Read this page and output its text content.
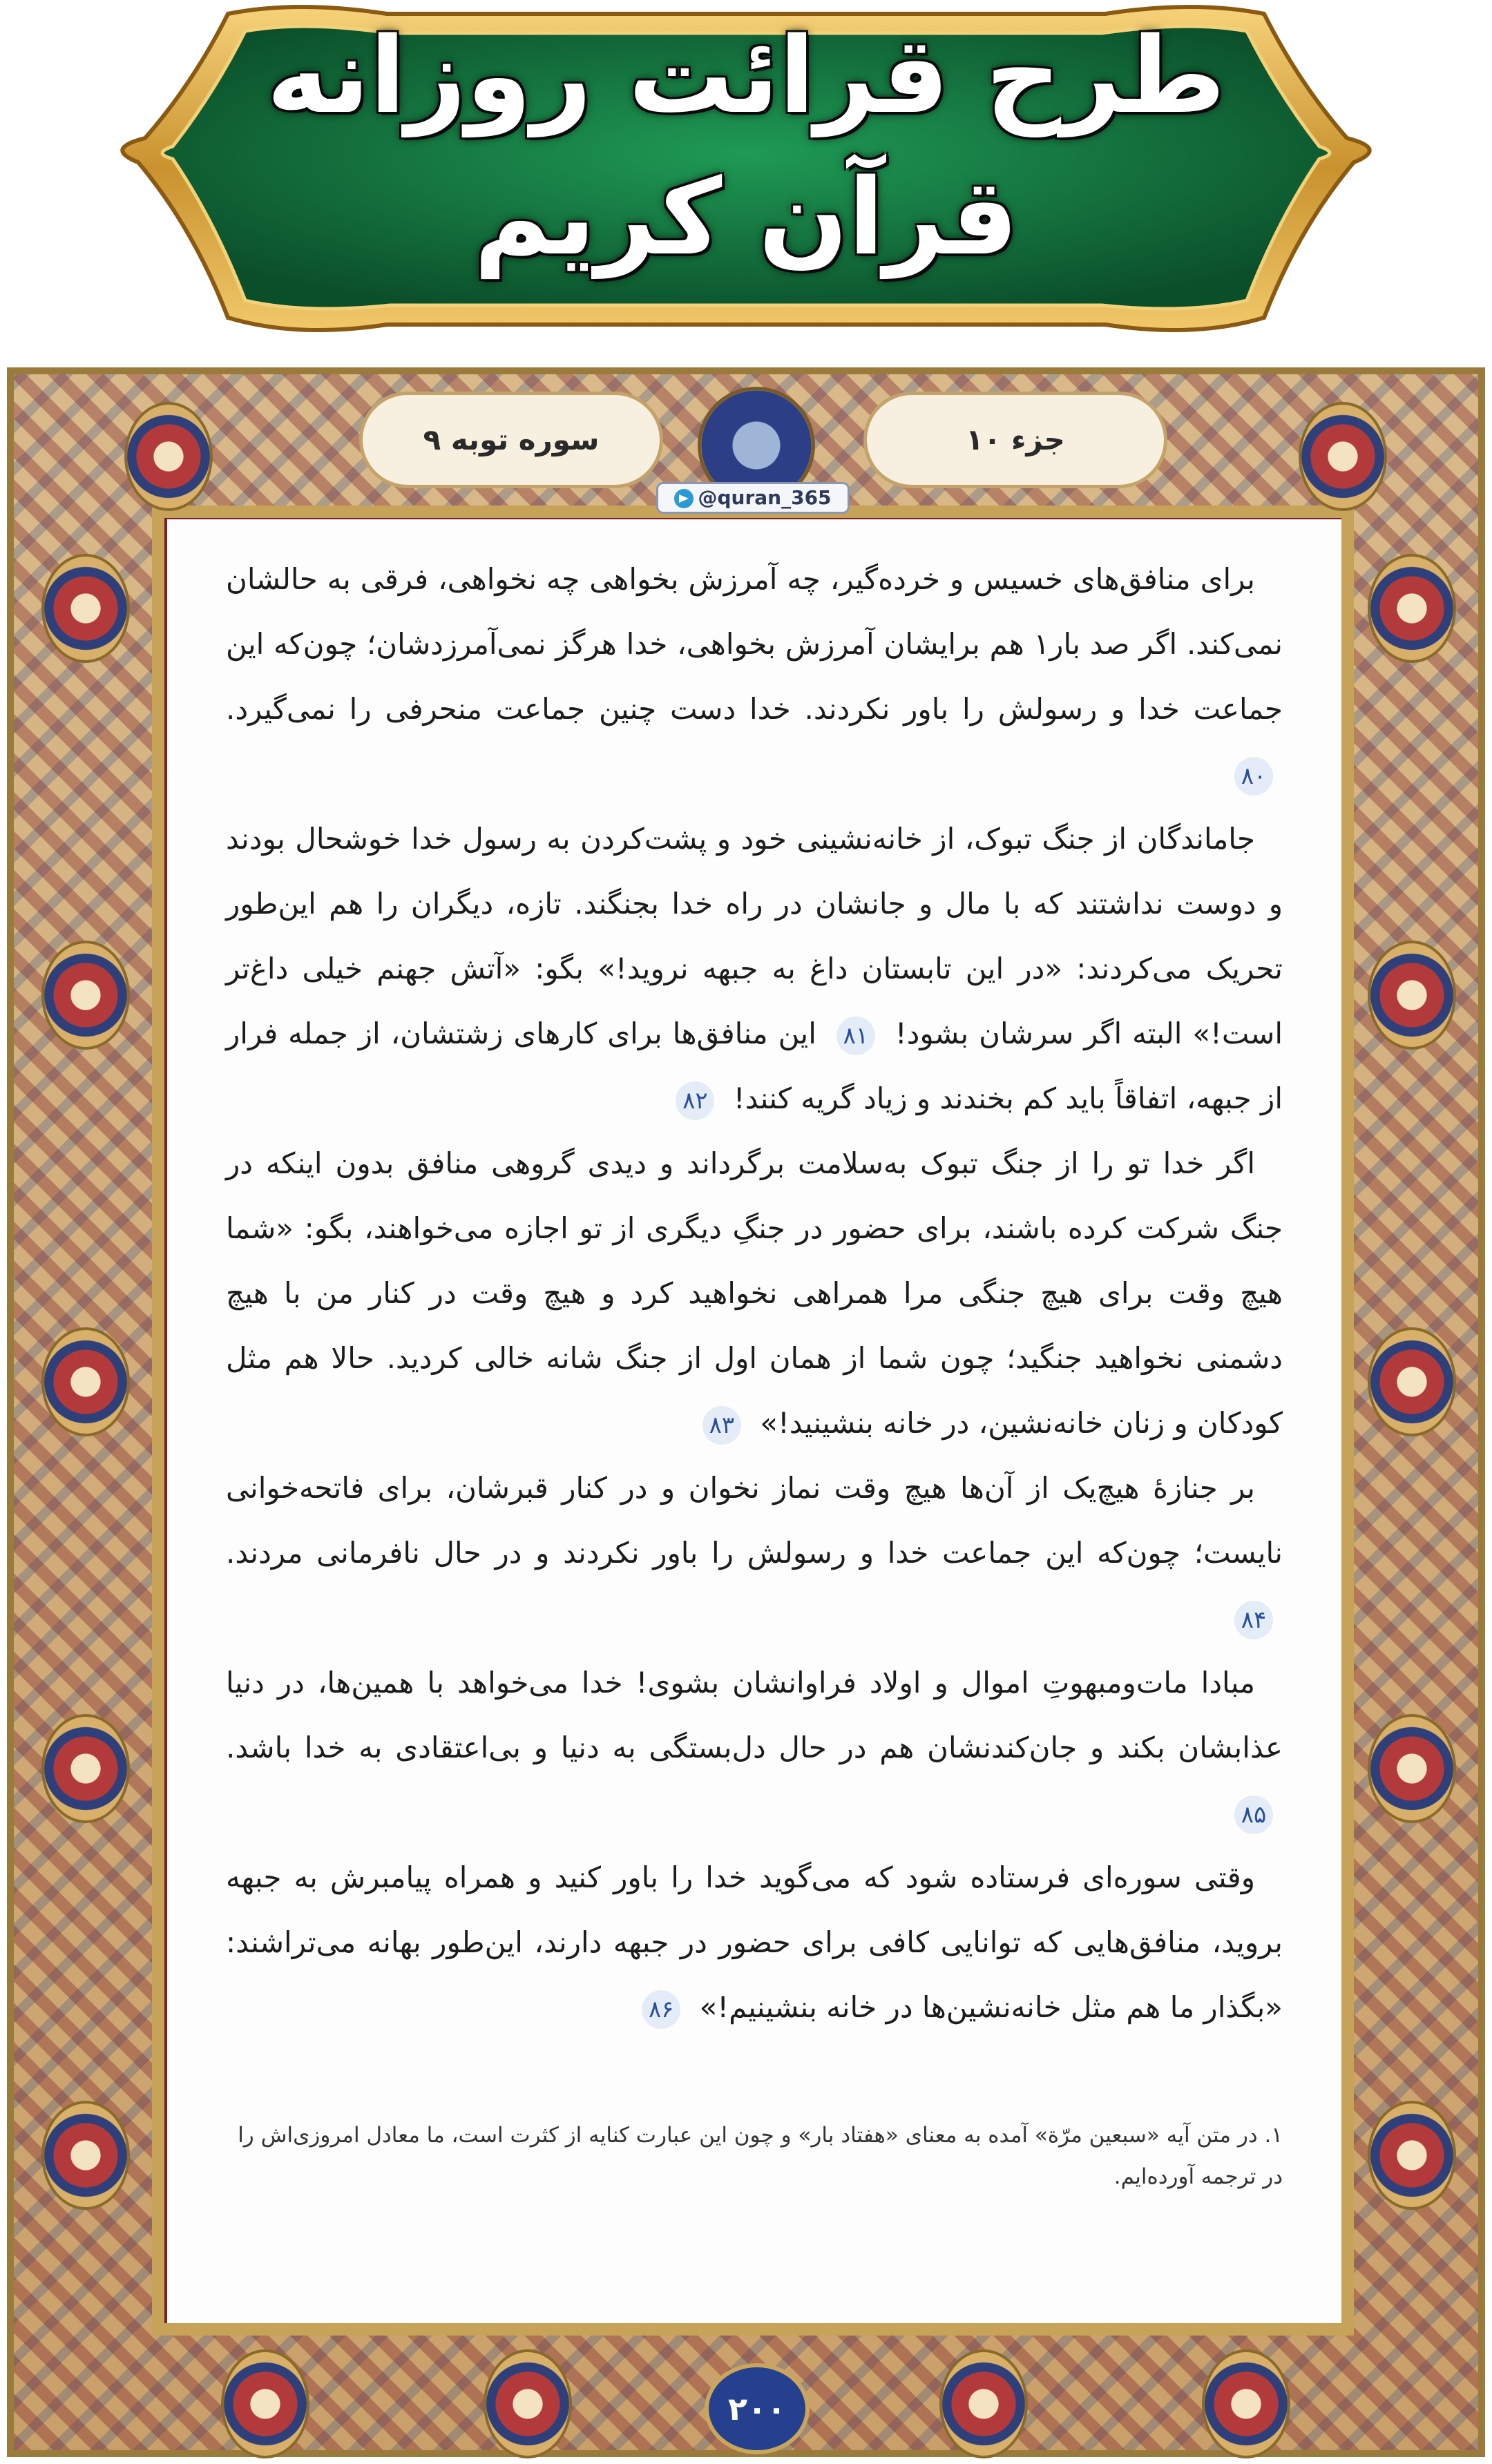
طرح قرائت روزانه
قرآن کریم
سوره توبه ۹	جزء ۱۰
@quran_365

برای منافق‌های خسیس و خرده‌گیر، چه آمرزش بخواهی چه نخواهی، فرقی به حالشان نمی‌کند. اگر صد بار۱ هم برایشان آمرزش بخواهی، خدا هرگز نمی‌آمرزدشان؛ چون‌که این جماعت خدا و رسولش را باور نکردند. خدا دست چنین جماعت منحرفی را نمی‌گیرد. ۸۰

جاماندگان از جنگ تبوک، از خانه‌نشینی خود و پشت‌کردن به رسول خدا خوشحال بودند و دوست نداشتند که با مال و جانشان در راه خدا بجنگند. تازه، دیگران را هم این‌طور تحریک می‌کردند: «در این تابستان داغ به جبهه نروید!» بگو: «آتش جهنم خیلی داغ‌تر است!» البته اگر سرشان بشود! ۸۱ این منافق‌ها برای کارهای زشتشان، از جمله فرار از جبهه، اتفاقاً باید کم بخندند و زیاد گریه کنند! ۸۲

اگر خدا تو را از جنگ تبوک به‌سلامت برگرداند و دیدی گروهی منافق بدون اینکه در جنگ شرکت کرده باشند، برای حضور در جنگِ دیگری از تو اجازه می‌خواهند، بگو: «شما هیچ وقت برای هیچ جنگی مرا همراهی نخواهید کرد و هیچ وقت در کنار من با هیچ دشمنی نخواهید جنگید؛ چون شما از همان اول از جنگ شانه خالی کردید. حالا هم مثل کودکان و زنان خانه‌نشین، در خانه بنشینید!» ۸۳

بر جنازهٔ هیچ‌یک از آن‌ها هیچ وقت نماز نخوان و در کنار قبرشان، برای فاتحه‌خوانی نایست؛ چون‌که این جماعت خدا و رسولش را باور نکردند و در حال نافرمانی مردند. ۸۴

مبادا مات‌ومبهوتِ اموال و اولاد فراوانشان بشوی! خدا می‌خواهد با همین‌ها، در دنیا عذابشان بکند و جان‌کندنشان هم در حال دل‌بستگی به دنیا و بی‌اعتقادی به خدا باشد. ۸۵

وقتی سوره‌ای فرستاده شود که می‌گوید خدا را باور کنید و همراه پیامبرش به جبهه بروید، منافق‌هایی که توانایی کافی برای حضور در جبهه دارند، این‌طور بهانه می‌تراشند: «بگذار ما هم مثل خانه‌نشین‌ها در خانه بنشینیم!» ۸۶

۱. در متن آیه «سبعین مرّة» آمده به معنای «هفتاد بار» و چون این عبارت کنایه از کثرت است، ما معادل امروزی‌اش را در ترجمه آورده‌ایم.
۲۰۰
